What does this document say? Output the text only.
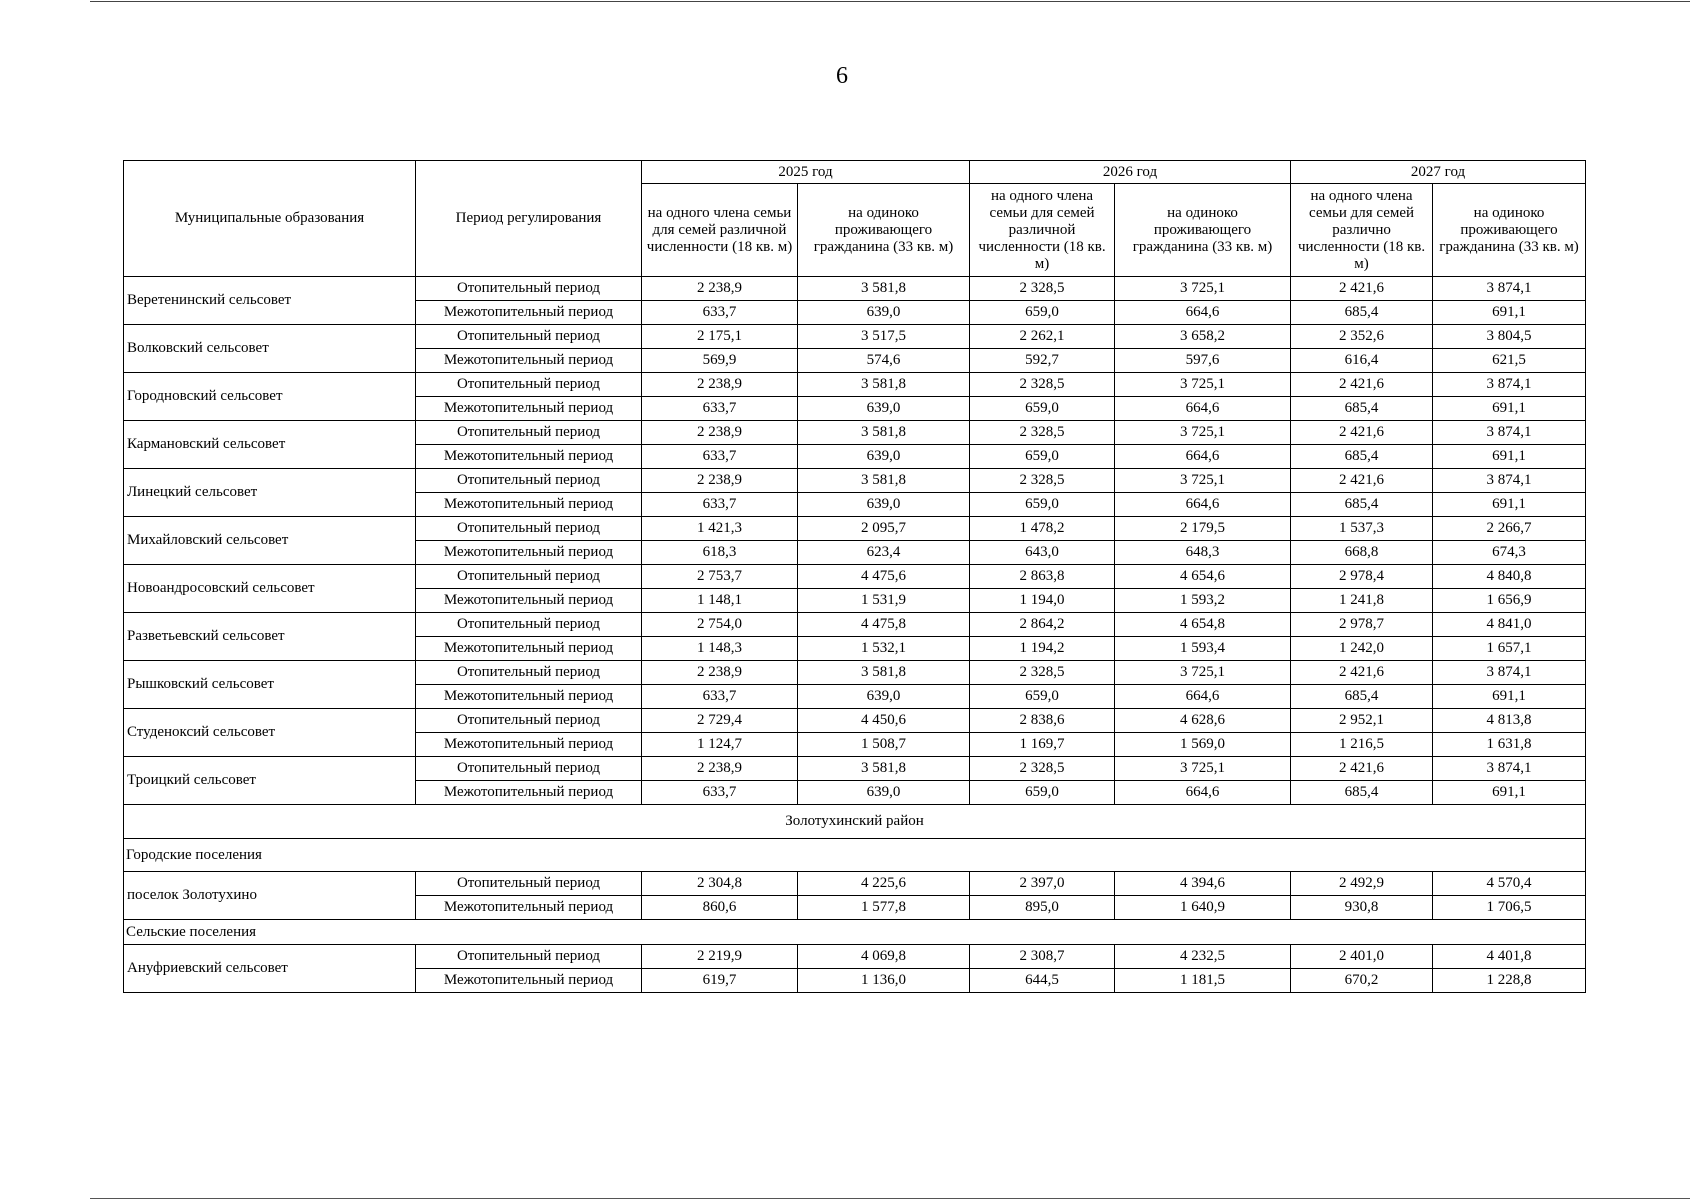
6
Муниципальные образования	Период регулирования	2025 год		2026 год		2027 год	
		на одного члена семьи для семей различной численности (18 кв. м)	на одиноко проживающего гражданина (33 кв. м)	на одного члена семьи для семей различной численности (18 кв. м)	на одиноко проживающего гражданина (33 кв. м)	на одного члена семьи для семей различно численности (18 кв. м)	на одиноко проживающего гражданина (33 кв. м)
Веретенинский сельсовет	Отопительный период	2 238,9	3 581,8	2 328,5	3 725,1	2 421,6	3 874,1
	Межотопительный период	633,7	639,0	659,0	664,6	685,4	691,1
Волковский сельсовет	Отопительный период	2 175,1	3 517,5	2 262,1	3 658,2	2 352,6	3 804,5
	Межотопительный период	569,9	574,6	592,7	597,6	616,4	621,5
Городновский сельсовет	Отопительный период	2 238,9	3 581,8	2 328,5	3 725,1	2 421,6	3 874,1
	Межотопительный период	633,7	639,0	659,0	664,6	685,4	691,1
Кармановский сельсовет	Отопительный период	2 238,9	3 581,8	2 328,5	3 725,1	2 421,6	3 874,1
	Межотопительный период	633,7	639,0	659,0	664,6	685,4	691,1
Линецкий сельсовет	Отопительный период	2 238,9	3 581,8	2 328,5	3 725,1	2 421,6	3 874,1
	Межотопительный период	633,7	639,0	659,0	664,6	685,4	691,1
Михайловский сельсовет	Отопительный период	1 421,3	2 095,7	1 478,2	2 179,5	1 537,3	2 266,7
	Межотопительный период	618,3	623,4	643,0	648,3	668,8	674,3
Новоандросовский сельсовет	Отопительный период	2 753,7	4 475,6	2 863,8	4 654,6	2 978,4	4 840,8
	Межотопительный период	1 148,1	1 531,9	1 194,0	1 593,2	1 241,8	1 656,9
Разветьевский сельсовет	Отопительный период	2 754,0	4 475,8	2 864,2	4 654,8	2 978,7	4 841,0
	Межотопительный период	1 148,3	1 532,1	1 194,2	1 593,4	1 242,0	1 657,1
Рышковский сельсовет	Отопительный период	2 238,9	3 581,8	2 328,5	3 725,1	2 421,6	3 874,1
	Межотопительный период	633,7	639,0	659,0	664,6	685,4	691,1
Студеноксий сельсовет	Отопительный период	2 729,4	4 450,6	2 838,6	4 628,6	2 952,1	4 813,8
	Межотопительный период	1 124,7	1 508,7	1 169,7	1 569,0	1 216,5	1 631,8
Троицкий сельсовет	Отопительный период	2 238,9	3 581,8	2 328,5	3 725,1	2 421,6	3 874,1
	Межотопительный период	633,7	639,0	659,0	664,6	685,4	691,1
Золотухинский район							
Городские поселения							
поселок Золотухино	Отопительный период	2 304,8	4 225,6	2 397,0	4 394,6	2 492,9	4 570,4
	Межотопительный период	860,6	1 577,8	895,0	1 640,9	930,8	1 706,5
Сельские поселения							
Ануфриевский сельсовет	Отопительный период	2 219,9	4 069,8	2 308,7	4 232,5	2 401,0	4 401,8
	Межотопительный период	619,7	1 136,0	644,5	1 181,5	670,2	1 228,8
